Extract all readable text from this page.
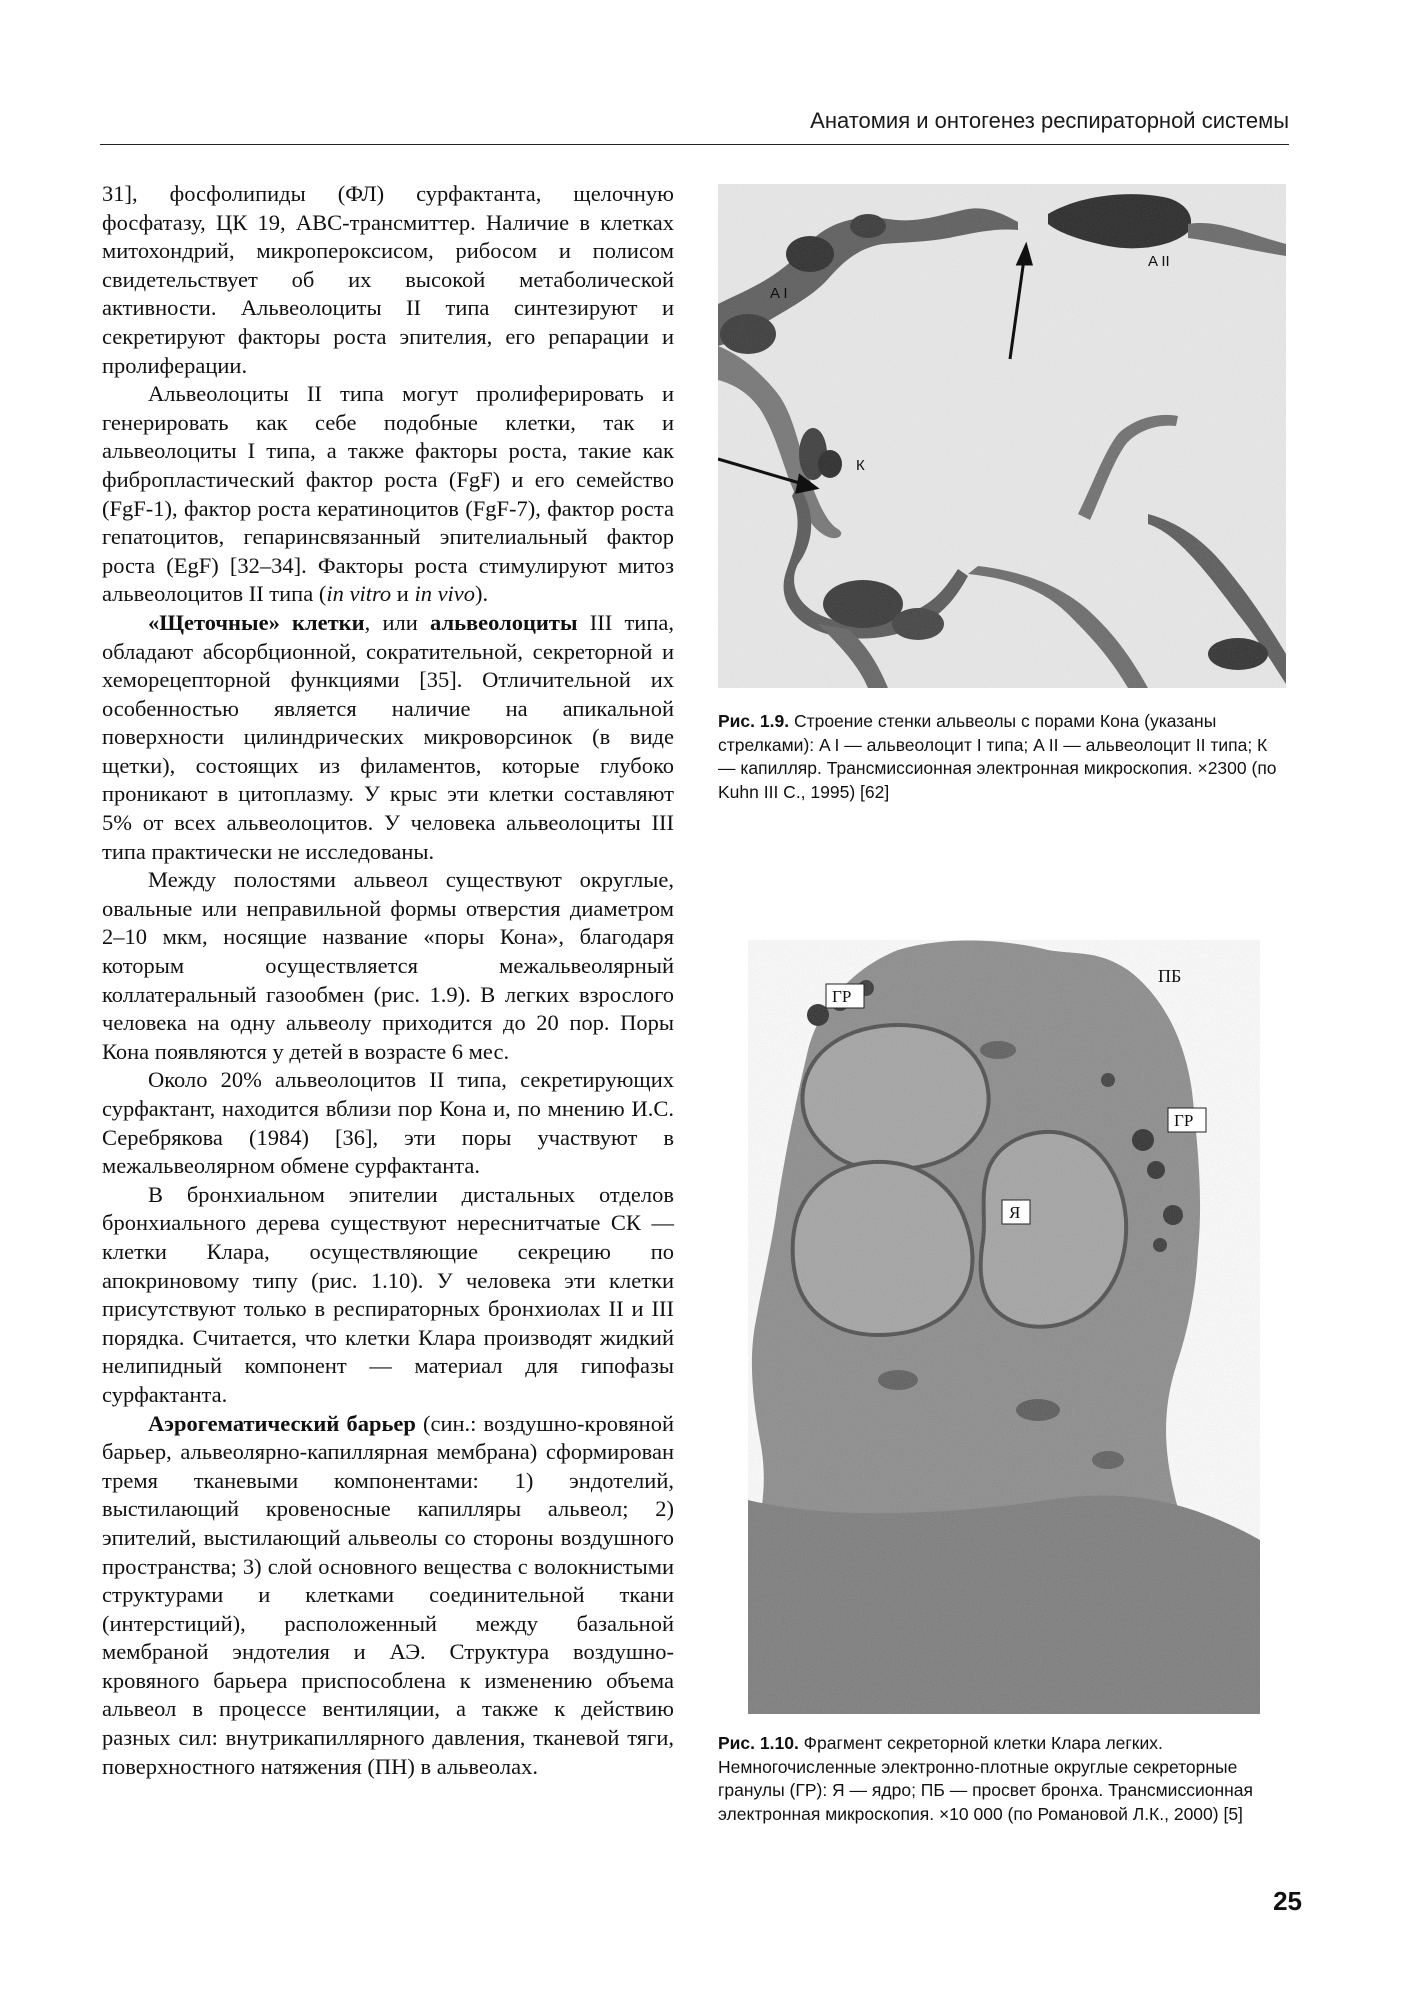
Анатомия и онтогенез респираторной системы

31], фосфолипиды (ФЛ) сурфактанта, щелочную фосфатазу, ЦК 19, ABC-трансмиттер. Наличие в клетках митохондрий, микропероксисом, рибосом и полисом свидетельствует об их высокой метаболической активности. Альвеолоциты II типа синтезируют и секретируют факторы роста эпителия, его репарации и пролиферации.

Альвеолоциты II типа могут пролиферировать и генерировать как себе подобные клетки, так и альвеолоциты I типа, а также факторы роста, такие как фибропластический фактор роста (FgF) и его семейство (FgF-1), фактор роста кератиноцитов (FgF-7), фактор роста гепатоцитов, гепаринсвязанный эпителиальный фактор роста (EgF) [32–34]. Факторы роста стимулируют митоз альвеолоцитов II типа (in vitro и in vivo).

«Щеточные» клетки, или альвеолоциты III типа, обладают абсорбционной, сократительной, секреторной и хеморецепторной функциями [35]. Отличительной их особенностью является наличие на апикальной поверхности цилиндрических микроворсинок (в виде щетки), состоящих из филаментов, которые глубоко проникают в цитоплазму. У крыс эти клетки составляют 5% от всех альвеолоцитов. У человека альвеолоциты III типа практически не исследованы.

Между полостями альвеол существуют округлые, овальные или неправильной формы отверстия диаметром 2–10 мкм, носящие название «поры Кона», благодаря которым осуществляется межальвеолярный коллатеральный газообмен (рис. 1.9). В легких взрослого человека на одну альвеолу приходится до 20 пор. Поры Кона появляются у детей в возрасте 6 мес.

Около 20% альвеолоцитов II типа, секретирующих сурфактант, находится вблизи пор Кона и, по мнению И.С. Серебрякова (1984) [36], эти поры участвуют в межальвеолярном обмене сурфактанта.

В бронхиальном эпителии дистальных отделов бронхиального дерева существуют нереснитчатые СК — клетки Клара, осуществляющие секрецию по апокриновому типу (рис. 1.10). У человека эти клетки присутствуют только в респираторных бронхиолах II и III порядка. Считается, что клетки Клара производят жидкий нелипидный компонент — материал для гипофазы сурфактанта.

Аэрогематический барьер (син.: воздушно-кровяной барьер, альвеолярно-капиллярная мембрана) сформирован тремя тканевыми компонентами: 1) эндотелий, выстилающий кровеносные капилляры альвеол; 2) эпителий, выстилающий альвеолы со стороны воздушного пространства; 3) слой основного вещества с волокнистыми структурами и клетками соединительной ткани (интерстиций), расположенный между базальной мембраной эндотелия и АЭ. Структура воздушно-кровяного барьера приспособлена к изменению объема альвеол в процессе вентиляции, а также к действию разных сил: внутрикапиллярного давления, тканевой тяги, поверхностного натяжения (ПН) в альвеолах.

A I
A II
К
Рис. 1.9. Строение стенки альвеолы с порами Кона (указаны стрелками): A I — альвеолоцит I типа; A II — альвеолоцит II типа; К — капилляр. Трансмиссионная электронная микроскопия. ×2300 (по Kuhn III C., 1995) [62]
ГР
ГР
Я
ПБ
Рис. 1.10. Фрагмент секреторной клетки Клара легких. Немногочисленные электронно-плотные округлые секреторные гранулы (ГР): Я — ядро; ПБ — просвет бронха. Трансмиссионная электронная микроскопия. ×10 000 (по Романовой Л.К., 2000) [5]
25
